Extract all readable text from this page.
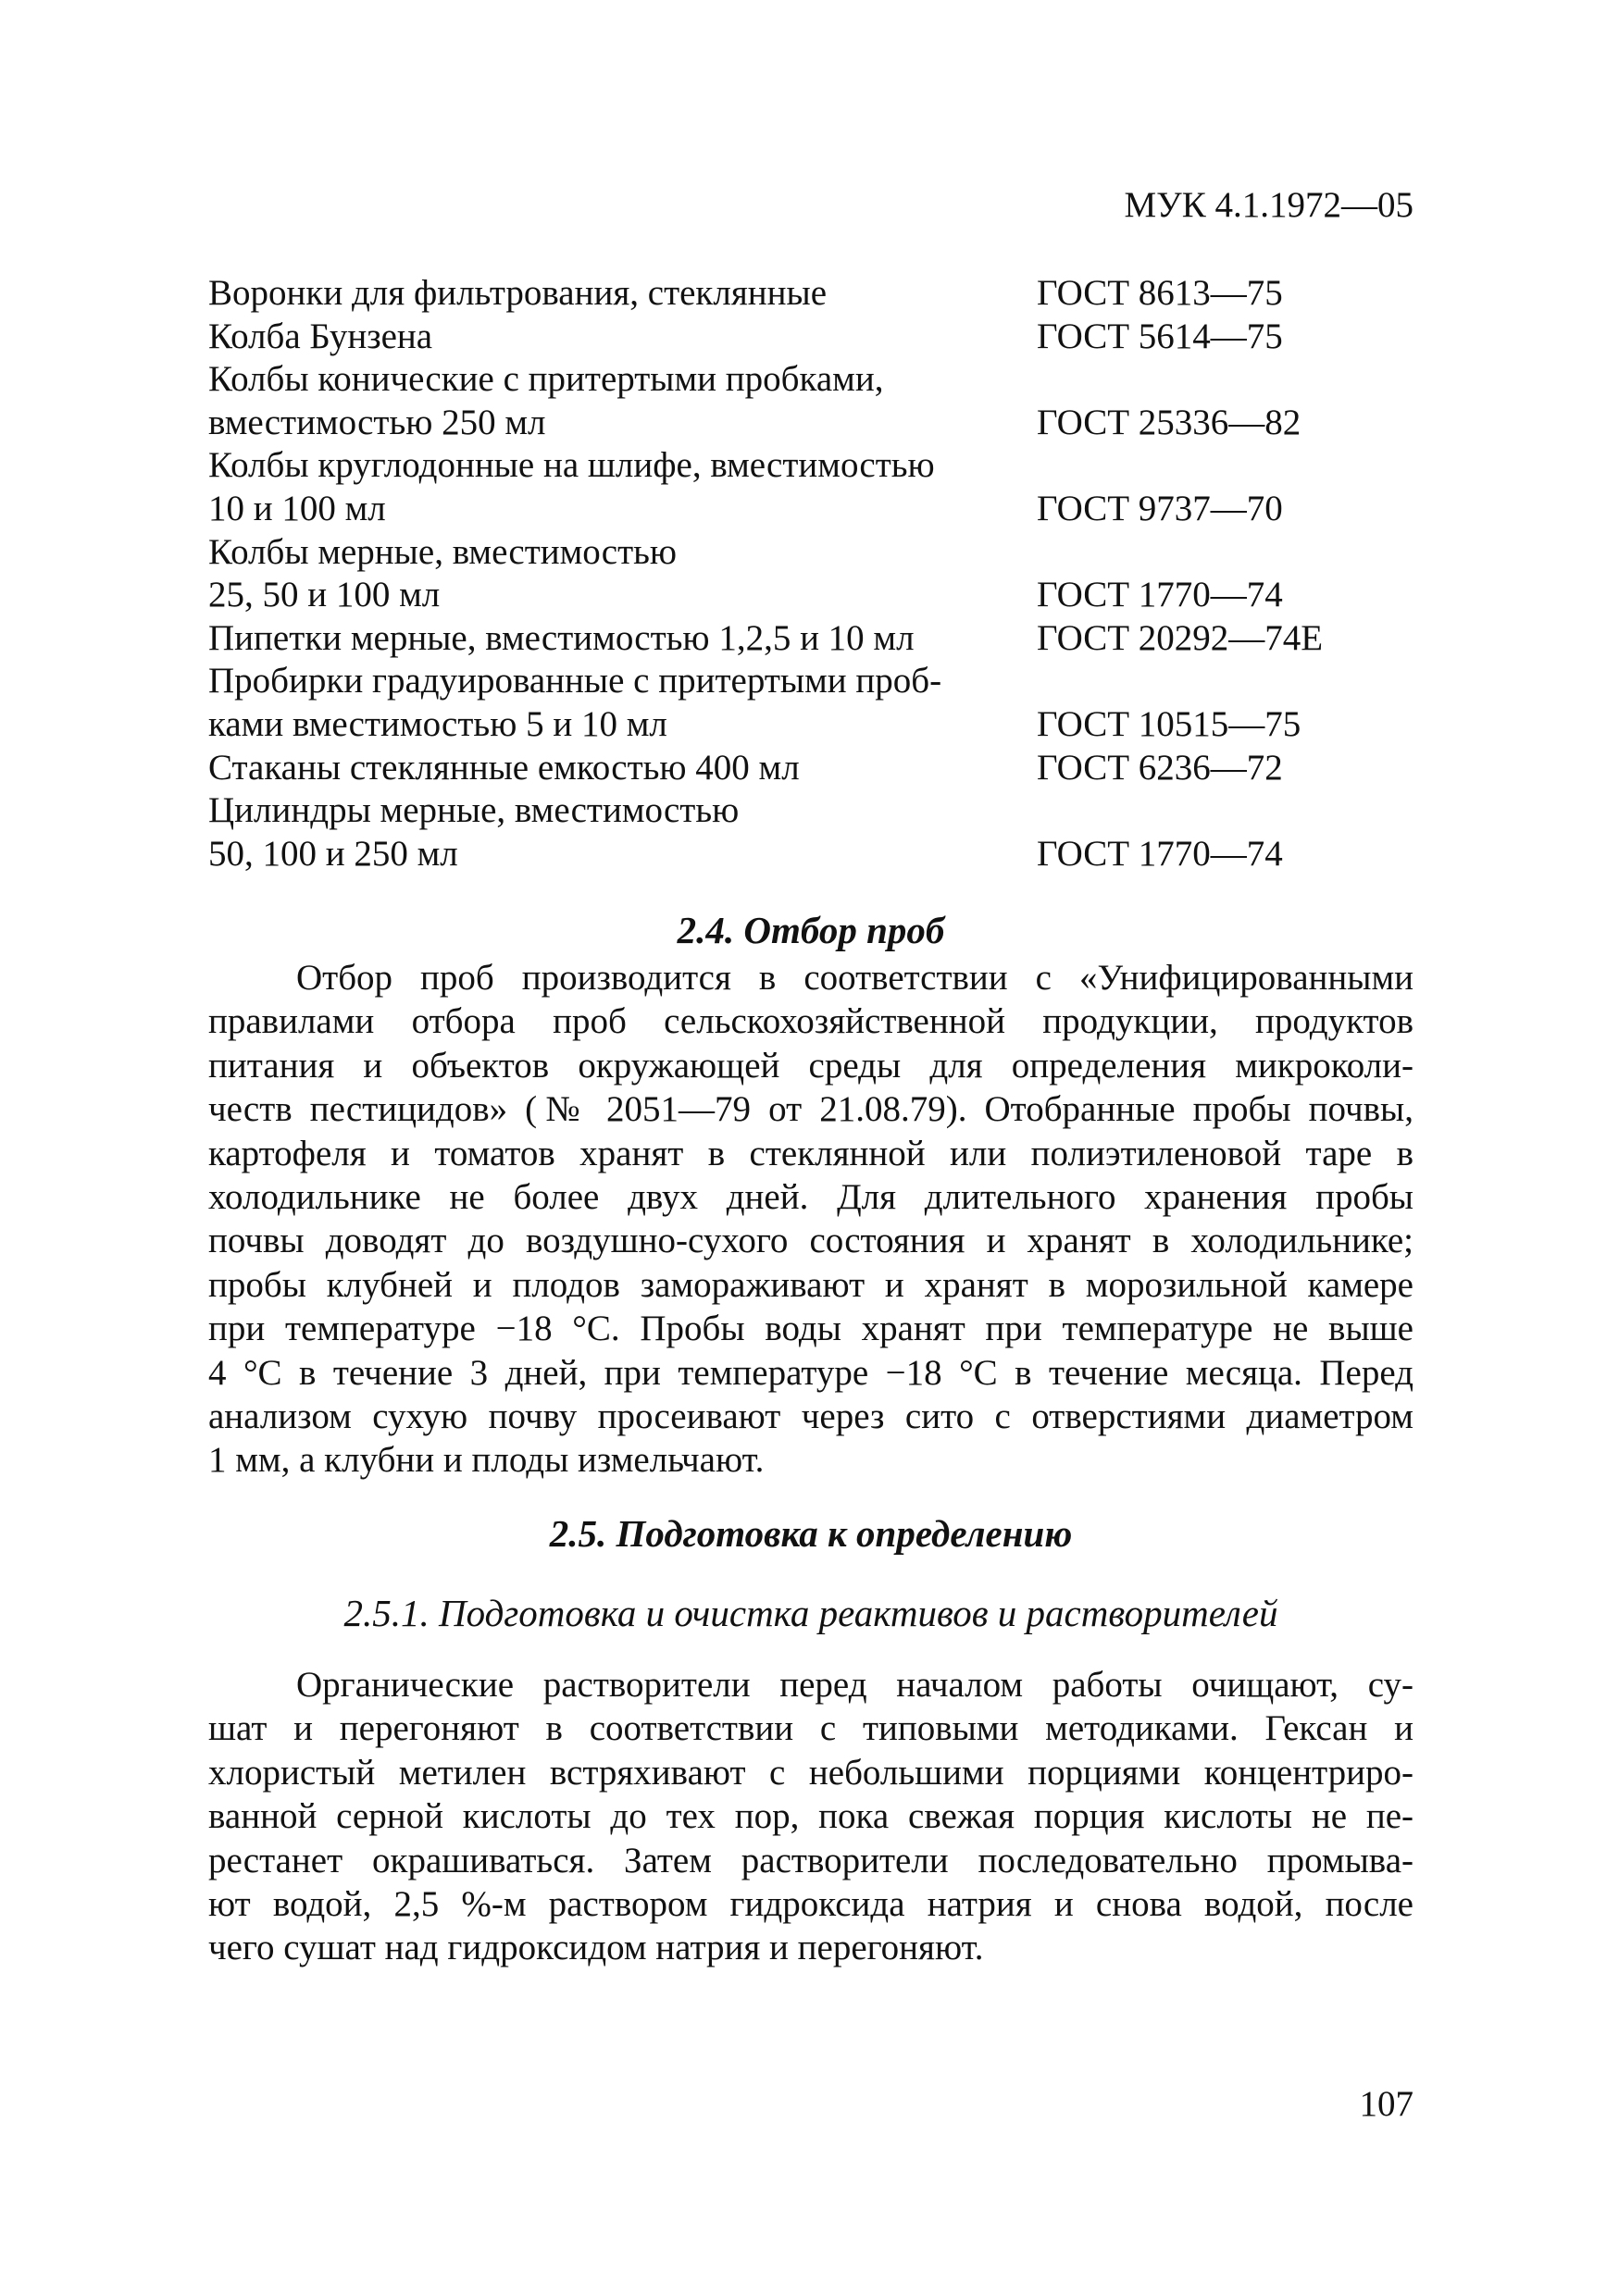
МУК 4.1.1972—05
Воронки для фильтрования, стеклянные	ГОСТ 8613—75
Колба Бунзена	ГОСТ 5614—75
Колбы конические с притертыми пробками,
вместимостью 250 мл	ГОСТ 25336—82
Колбы круглодонные на шлифе, вместимостью
10 и 100 мл	ГОСТ 9737—70
Колбы мерные, вместимостью
25, 50 и 100 мл	ГОСТ 1770—74
Пипетки мерные, вместимостью 1,2,5 и 10 мл	ГОСТ 20292—74Е
Пробирки градуированные с притертыми проб-
ками вместимостью 5 и 10 мл	ГОСТ 10515—75
Стаканы стеклянные емкостью 400 мл	ГОСТ 6236—72
Цилиндры мерные, вместимостью
50, 100 и 250 мл	ГОСТ 1770—74
2.4. Отбор проб
Отбор проб производится в соответствии с «Унифицированными
правилами отбора проб сельскохозяйственной продукции, продуктов
питания и объектов окружающей среды для определения микроколи-
честв пестицидов» (№ 2051—79 от 21.08.79). Отобранные пробы почвы,
картофеля и томатов хранят в стеклянной или полиэтиленовой таре в
холодильнике не более двух дней. Для длительного хранения пробы
почвы доводят до воздушно-сухого состояния и хранят в холодильнике;
пробы клубней и плодов замораживают и хранят в морозильной камере
при температуре −18 °С. Пробы воды хранят при температуре не выше
4 °С в течение 3 дней, при температуре −18 °С в течение месяца. Перед
анализом сухую почву просеивают через сито с отверстиями диаметром
1 мм, а клубни и плоды измельчают.
2.5. Подготовка к определению
2.5.1. Подготовка и очистка реактивов и растворителей
Органические растворители перед началом работы очищают, су-
шат и перегоняют в соответствии с типовыми методиками. Гексан и
хлористый метилен встряхивают с небольшими порциями концентриро-
ванной серной кислоты до тех пор, пока свежая порция кислоты не пе-
рестанет окрашиваться. Затем растворители последовательно промыва-
ют водой, 2,5 %-м раствором гидроксида натрия и снова водой, после
чего сушат над гидроксидом натрия и перегоняют.
107
